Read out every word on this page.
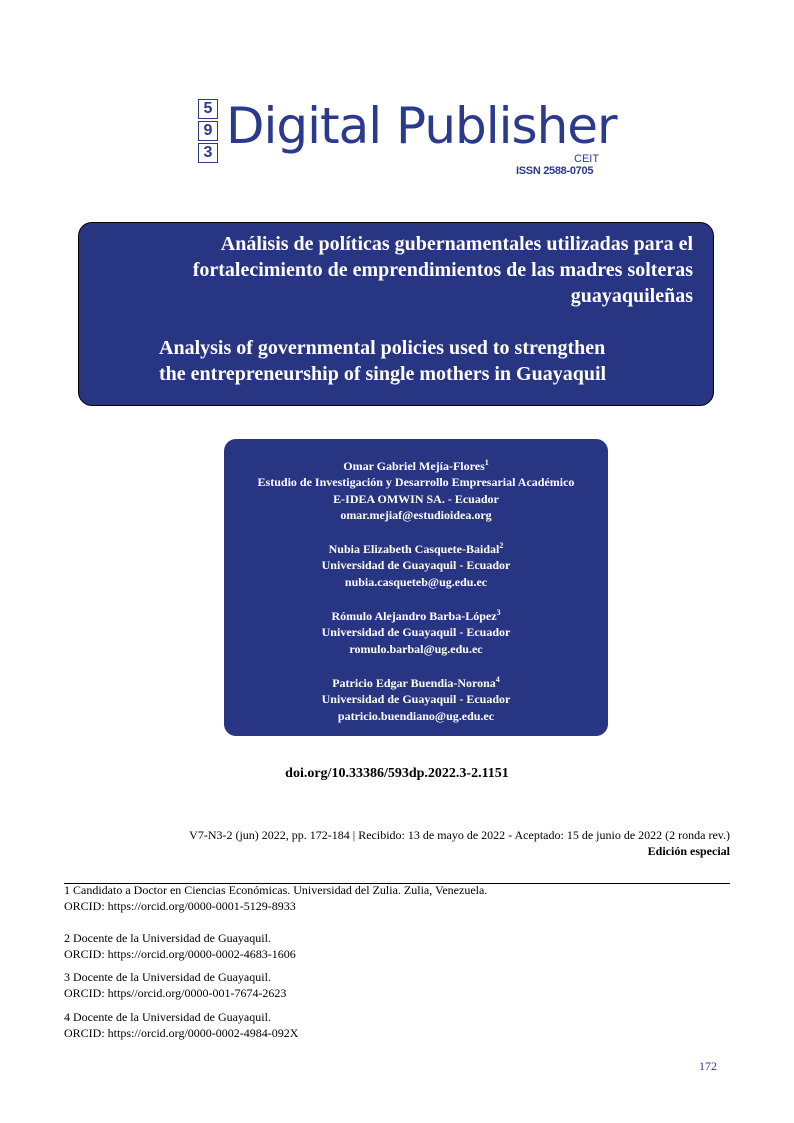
5
9
3 Digital Publisher
CEIT
ISSN 2588-0705
Análisis de políticas gubernamentales utilizadas para el
fortalecimiento de emprendimientos de las madres solteras
guayaquileñas
Analysis of governmental policies used to strengthen
the entrepreneurship of single mothers in Guayaquil
Omar Gabriel Mejía-Flores$^1$
Estudio de Investigación y Desarrollo Empresarial Académico
E-IDEA OMWIN SA. - Ecuador
omar.mejiaf@estudioidea.org
Nubia Elizabeth Casquete-Baidal$^2$
Universidad de Guayaquil - Ecuador
nubia.casqueteb@ug.edu.ec
Rómulo Alejandro Barba-López$^3$
Universidad de Guayaquil - Ecuador
romulo.barbal@ug.edu.ec
Patricio Edgar Buendia-Norona$^4$
Universidad de Guayaquil - Ecuador
patricio.buendiano@ug.edu.ec
doi.org/10.33386/593dp.2022.3-2.1151
V7-N3-2 (jun) 2022, pp. 172-184 | Recibido: 13 de mayo de 2022 - Aceptado: 15 de junio de 2022 (2 ronda rev.)
Edición especial
1 Candidato a Doctor en Ciencias Económicas. Universidad del Zulia. Zulia, Venezuela.
ORCID: https://orcid.org/0000-0001-5129-8933
2 Docente de la Universidad de Guayaquil.
ORCID: https://orcid.org/0000-0002-4683-1606
3 Docente de la Universidad de Guayaquil.
ORCID: https//orcid.org/0000-001-7674-2623
4 Docente de la Universidad de Guayaquil.
ORCID: https://orcid.org/0000-0002-4984-092X
172
